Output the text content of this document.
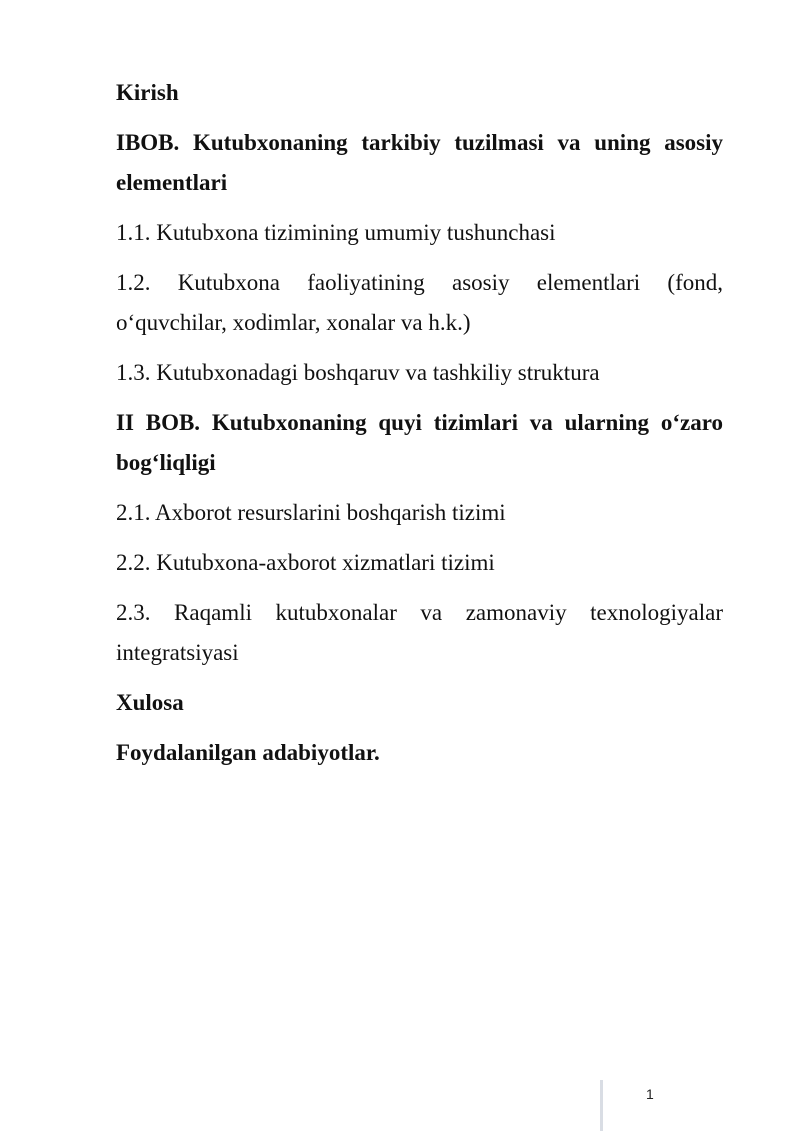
Kirish

IBOB. Kutubxonaning tarkibiy tuzilmasi va uning asosiy elementlari

1.1. Kutubxona tizimining umumiy tushunchasi

1.2. Kutubxona faoliyatining asosiy elementlari (fond, o‘quvchilar, xodimlar, xonalar va h.k.)

1.3. Kutubxonadagi boshqaruv va tashkiliy struktura

II BOB. Kutubxonaning quyi tizimlari va ularning o‘zaro bog‘liqligi

2.1. Axborot resurslarini boshqarish tizimi

2.2. Kutubxona-axborot xizmatlari tizimi

2.3. Raqamli kutubxonalar va zamonaviy texnologiyalar integratsiyasi

Xulosa

Foydalanilgan adabiyotlar.

1
